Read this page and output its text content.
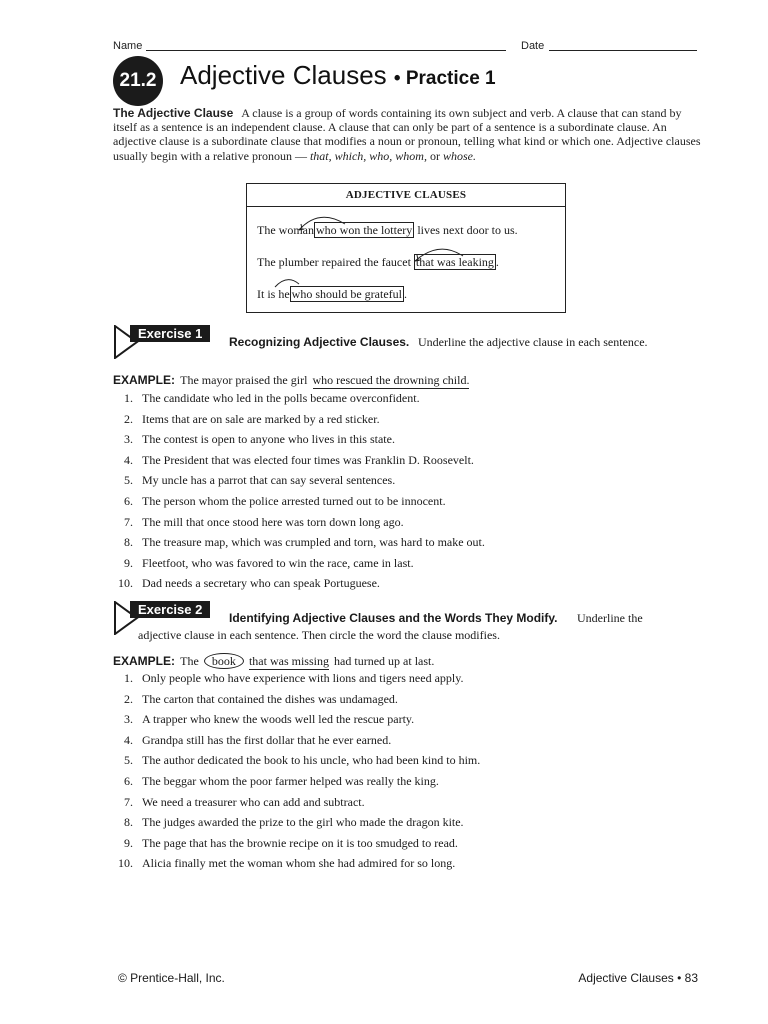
Name	Date
21.2 Adjective Clauses • Practice 1
The Adjective Clause A clause is a group of words containing its own subject and verb. A clause that can stand by itself as a sentence is an independent clause. A clause that can only be part of a sentence is a subordinate clause. An adjective clause is a subordinate clause that modifies a noun or pronoun, telling what kind or which one. Adjective clauses usually begin with a relative pronoun — that, which, who, whom, or whose.
ADJECTIVE CLAUSES
The woman who won the lottery lives next door to us.
The plumber repaired the faucet that was leaking .
It is he who should be grateful .
Exercise 1
Recognizing Adjective Clauses. Underline the adjective clause in each sentence.
EXAMPLE: The mayor praised the girl who rescued the drowning child.
1. The candidate who led in the polls became overconfident.
2. Items that are on sale are marked by a red sticker.
3. The contest is open to anyone who lives in this state.
4. The President that was elected four times was Franklin D. Roosevelt.
5. My uncle has a parrot that can say several sentences.
6. The person whom the police arrested turned out to be innocent.
7. The mill that once stood here was torn down long ago.
8. The treasure map, which was crumpled and torn, was hard to make out.
9. Fleetfoot, who was favored to win the race, came in last.
10. Dad needs a secretary who can speak Portuguese.
Exercise 2
Identifying Adjective Clauses and the Words They Modify. Underline the
adjective clause in each sentence. Then circle the word the clause modifies.
EXAMPLE: The book that was missing had turned up at last.
1. Only people who have experience with lions and tigers need apply.
2. The carton that contained the dishes was undamaged.
3. A trapper who knew the woods well led the rescue party.
4. Grandpa still has the first dollar that he ever earned.
5. The author dedicated the book to his uncle, who had been kind to him.
6. The beggar whom the poor farmer helped was really the king.
7. We need a treasurer who can add and subtract.
8. The judges awarded the prize to the girl who made the dragon kite.
9. The page that has the brownie recipe on it is too smudged to read.
10. Alicia finally met the woman whom she had admired for so long.
© Prentice-Hall, Inc.	Adjective Clauses • 83
